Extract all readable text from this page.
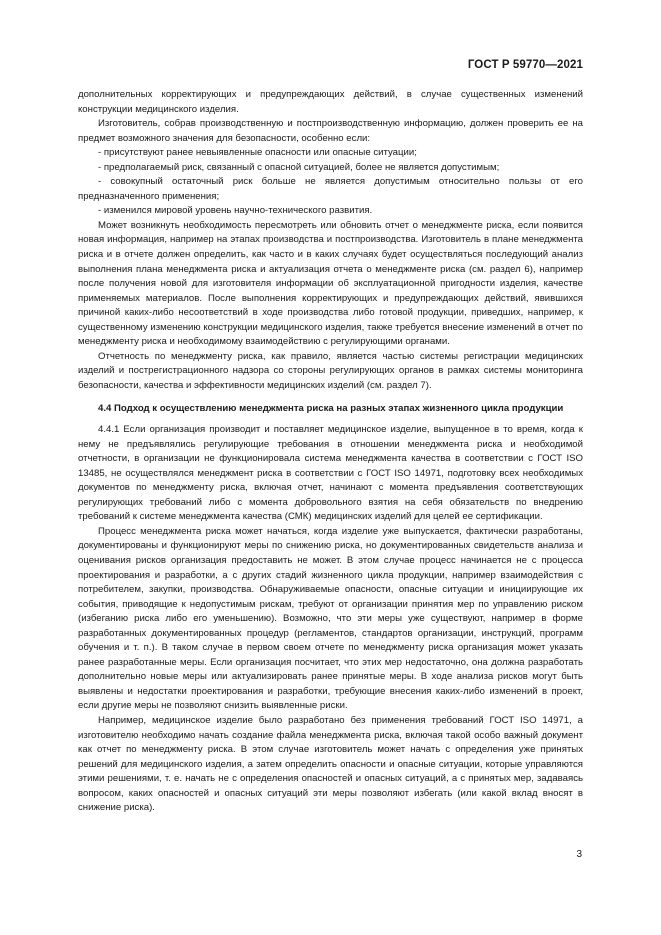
ГОСТ Р 59770—2021

дополнительных корректирующих и предупреждающих действий, в случае существенных изменений конструкции медицинского изделия.

Изготовитель, собрав производственную и постпроизводственную информацию, должен проверить ее на предмет возможного значения для безопасности, особенно если:

- присутствуют ранее невыявленные опасности или опасные ситуации;

- предполагаемый риск, связанный с опасной ситуацией, более не является допустимым;

- совокупный остаточный риск больше не является допустимым относительно пользы от его предназначенного применения;

- изменился мировой уровень научно-технического развития.

Может возникнуть необходимость пересмотреть или обновить отчет о менеджменте риска, если появится новая информация, например на этапах производства и постпроизводства. Изготовитель в плане менеджмента риска и в отчете должен определить, как часто и в каких случаях будет осуществляться последующий анализ выполнения плана менеджмента риска и актуализация отчета о менеджменте риска (см. раздел 6), например после получения новой для изготовителя информации об эксплуатационной пригодности изделия, качестве применяемых материалов. После выполнения корректирующих и предупреждающих действий, явившихся причиной каких-либо несоответствий в ходе производства либо готовой продукции, приведших, например, к существенному изменению конструкции медицинского изделия, также требуется внесение изменений в отчет по менеджменту риска и необходимому взаимодействию с регулирующими органами.

Отчетность по менеджменту риска, как правило, является частью системы регистрации медицинских изделий и пострегистрационного надзора со стороны регулирующих органов в рамках системы мониторинга безопасности, качества и эффективности медицинских изделий (см. раздел 7).

4.4 Подход к осуществлению менеджмента риска на разных этапах жизненного цикла продукции

4.4.1 Если организация производит и поставляет медицинское изделие, выпущенное в то время, когда к нему не предъявлялись регулирующие требования в отношении менеджмента риска и необходимой отчетности, в организации не функционировала система менеджмента качества в соответствии с ГОСТ ISO 13485, не осуществлялся менеджмент риска в соответствии с ГОСТ ISO 14971, подготовку всех необходимых документов по менеджменту риска, включая отчет, начинают с момента предъявления соответствующих регулирующих требований либо с момента добровольного взятия на себя обязательств по внедрению требований к системе менеджмента качества (СМК) медицинских изделий для целей ее сертификации.

Процесс менеджмента риска может начаться, когда изделие уже выпускается, фактически разработаны, документированы и функционируют меры по снижению риска, но документированных свидетельств анализа и оценивания рисков организация предоставить не может. В этом случае процесс начинается не с процесса проектирования и разработки, а с других стадий жизненного цикла продукции, например взаимодействия с потребителем, закупки, производства. Обнаруживаемые опасности, опасные ситуации и инициирующие их события, приводящие к недопустимым рискам, требуют от организации принятия мер по управлению риском (избеганию риска либо его уменьшению). Возможно, что эти меры уже существуют, например в форме разработанных документированных процедур (регламентов, стандартов организации, инструкций, программ обучения и т. п.). В таком случае в первом своем отчете по менеджменту риска организация может указать ранее разработанные меры. Если организация посчитает, что этих мер недостаточно, она должна разработать дополнительно новые меры или актуализировать ранее принятые меры. В ходе анализа рисков могут быть выявлены и недостатки проектирования и разработки, требующие внесения каких-либо изменений в проект, если другие меры не позволяют снизить выявленные риски.

Например, медицинское изделие было разработано без применения требований ГОСТ ISO 14971, а изготовителю необходимо начать создание файла менеджмента риска, включая такой особо важный документ как отчет по менеджменту риска. В этом случае изготовитель может начать с определения уже принятых решений для медицинского изделия, а затем определить опасности и опасные ситуации, которые управляются этими решениями, т. е. начать не с определения опасностей и опасных ситуаций, а с принятых мер, задаваясь вопросом, каких опасностей и опасных ситуаций эти меры позволяют избегать (или какой вклад вносят в снижение риска).

3
